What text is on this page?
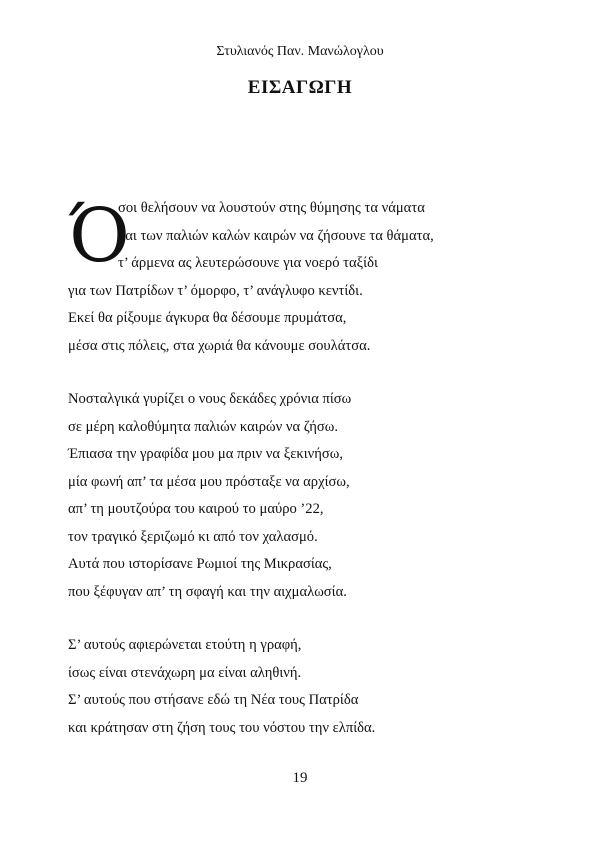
Στυλιανός Παν. Μανώλογλου
ΕΙΣΑΓΩΓΗ
Ό
σοι θελήσουν να λουστούν στης θύμησης τα νάματα
και των παλιών καλών καιρών να ζήσουνε τα θάματα,
τ’ άρμενα ας λευτερώσουνε για νοερό ταξίδι
για των Πατρίδων τ’ όμορφο, τ’ ανάγλυφο κεντίδι.
Εκεί θα ρίξουμε άγκυρα θα δέσουμε πρυμάτσα,
μέσα στις πόλεις, στα χωριά θα κάνουμε σουλάτσα.
Νοσταλγικά γυρίζει ο νους δεκάδες χρόνια πίσω
σε μέρη καλοθύμητα παλιών καιρών να ζήσω.
Έπιασα την γραφίδα μου μα πριν να ξεκινήσω,
μία φωνή απ’ τα μέσα μου πρόσταξε να αρχίσω,
απ’ τη μουτζούρα του καιρού το μαύρο ’22,
τον τραγικό ξεριζωμό κι από τον χαλασμό.
Αυτά που ιστορίσανε Ρωμιοί της Μικρασίας,
που ξέφυγαν απ’ τη σφαγή και την αιχμαλωσία.
Σ’ αυτούς αφιερώνεται ετούτη η γραφή,
ίσως είναι στενάχωρη μα είναι αληθινή.
Σ’ αυτούς που στήσανε εδώ τη Νέα τους Πατρίδα
και κράτησαν στη ζήση τους του νόστου την ελπίδα.
19
